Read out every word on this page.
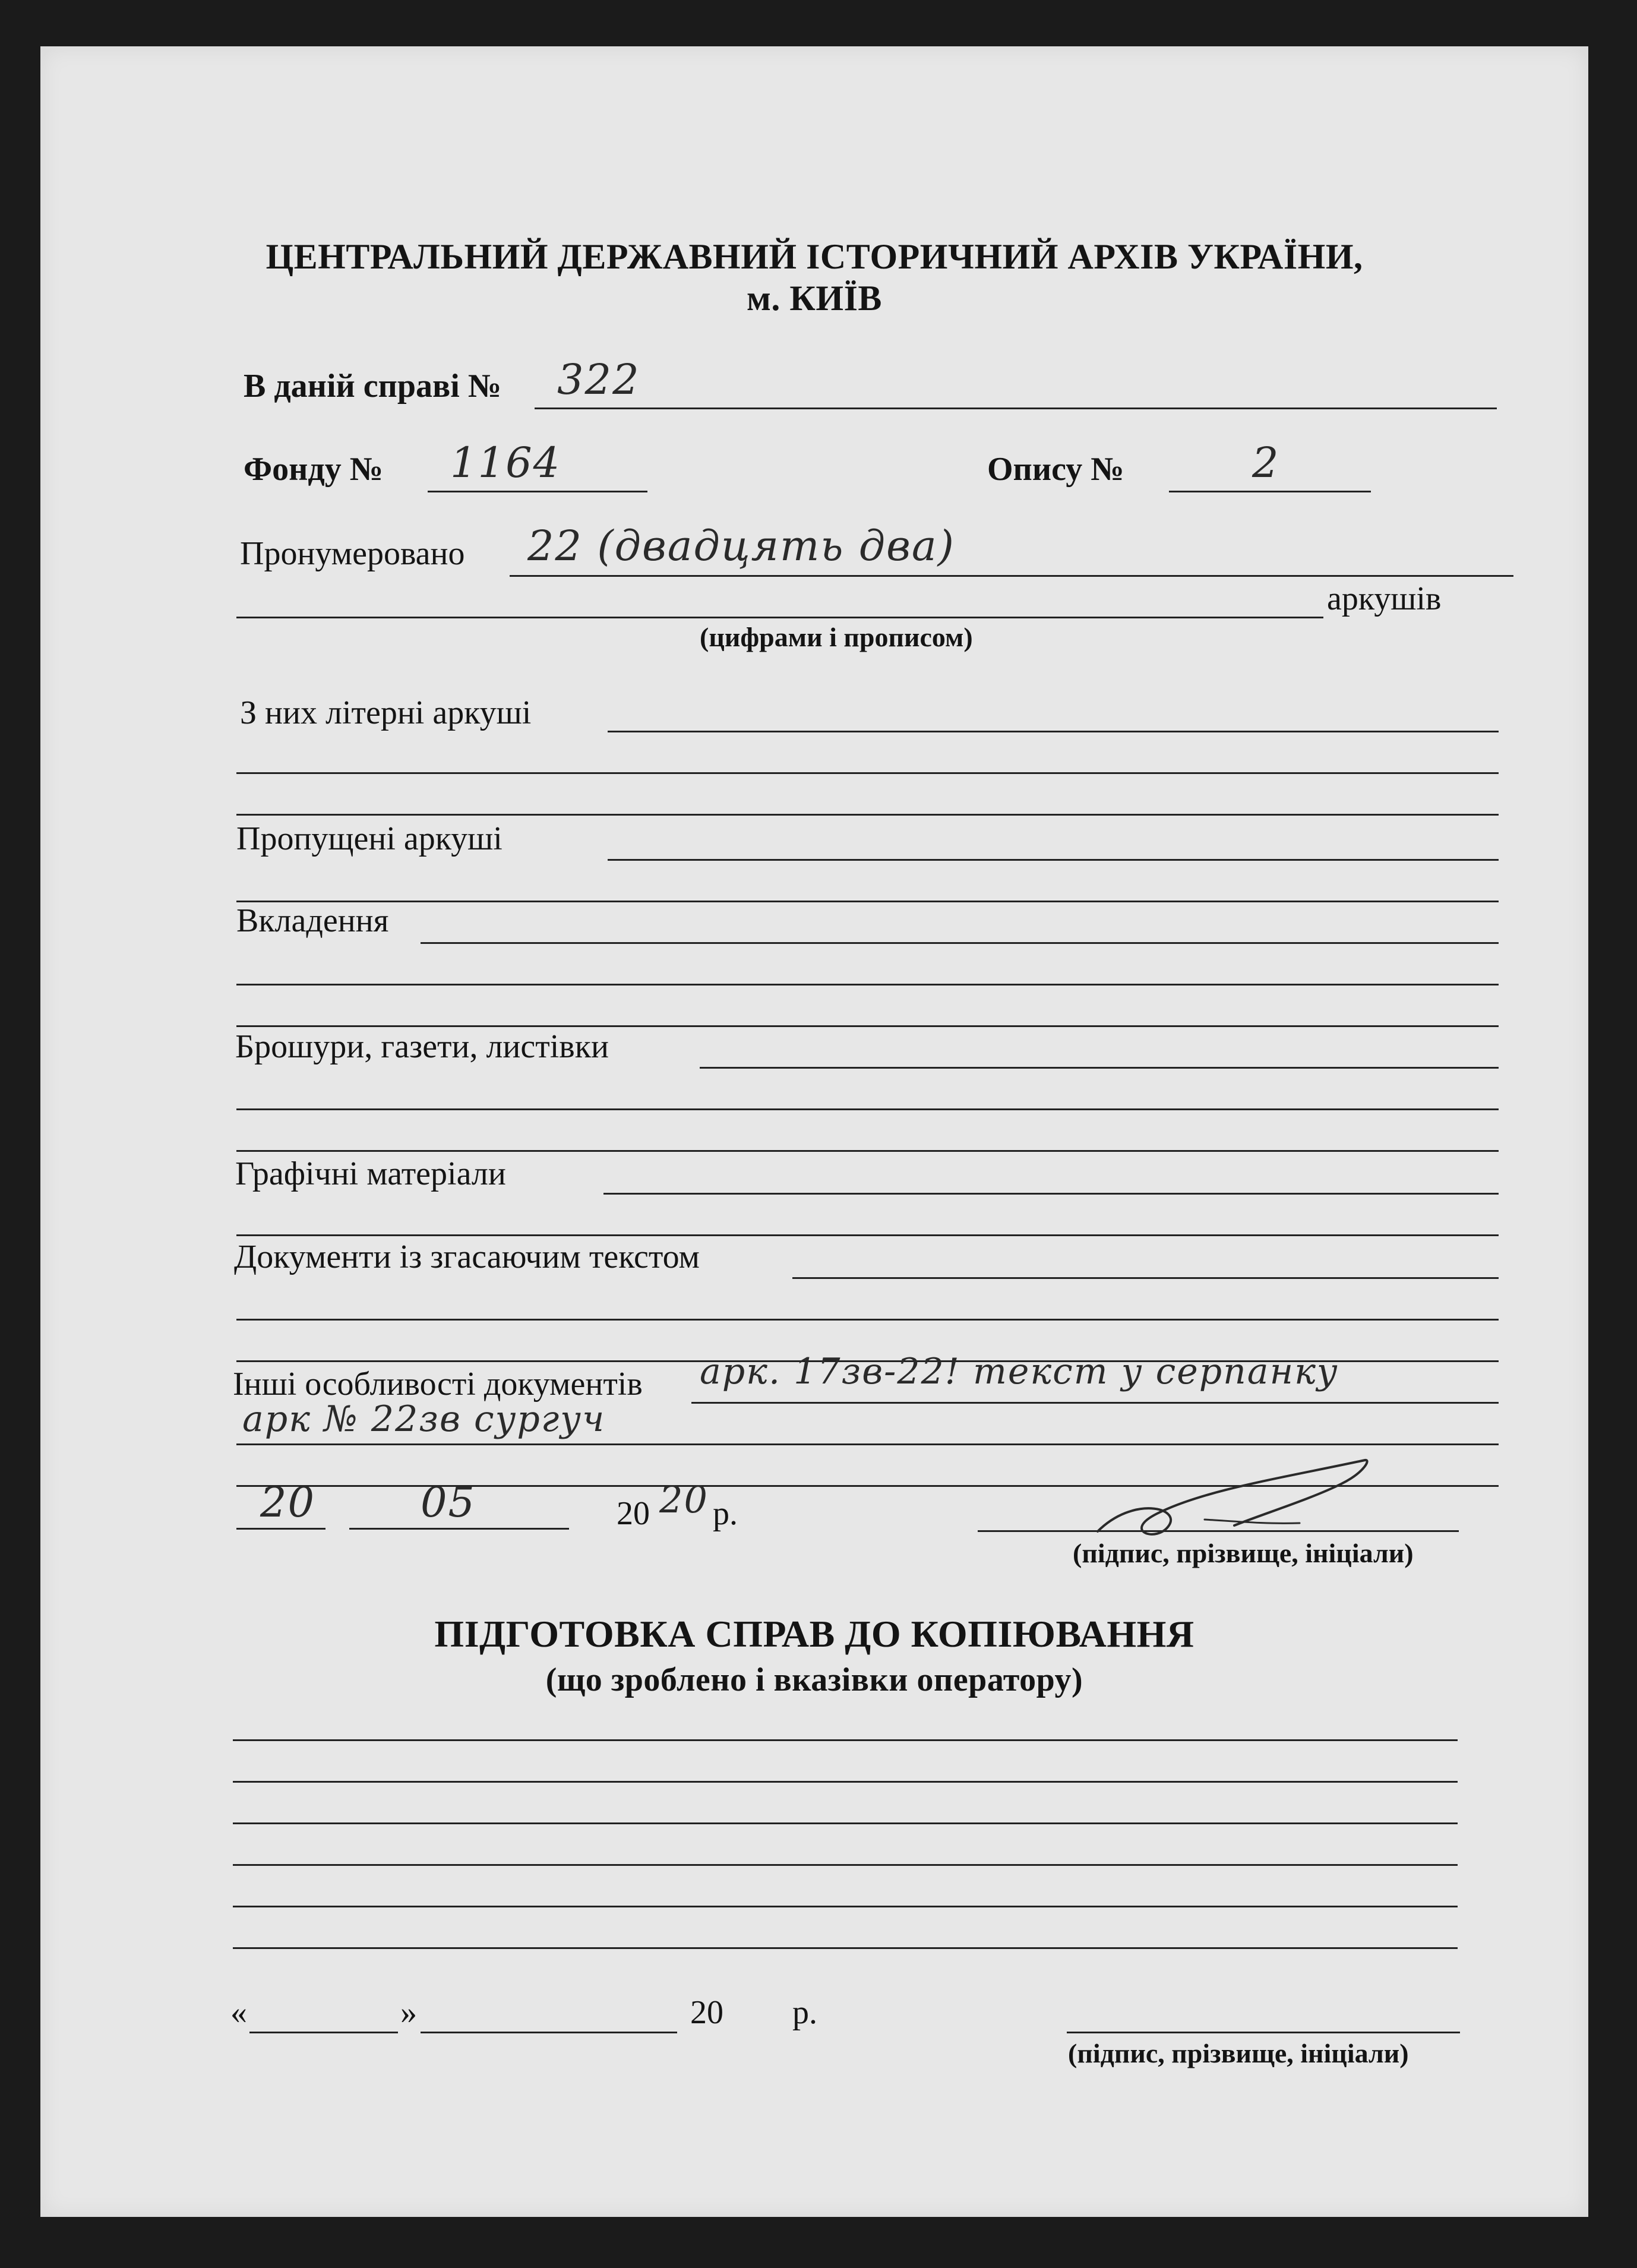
ЦЕНТРАЛЬНИЙ ДЕРЖАВНИЙ ІСТОРИЧНИЙ АРХІВ УКРАЇНИ,
м. КИЇВ
В даній справі № 322
Фонду № 1164	Опису №	2
Пронумеровано 22 (двадцять два)
аркушів
(цифрами і прописом)
З них літерні аркуші
Пропущені аркуші
Вкладення
Брошури, газети, листівки
Графічні матеріали
Документи із згасаючим текстом
Інші особливості документів арк. 17зв-22! текст у серпанку
арк № 22зв сургуч
20	05	20 20 р.
(підпис, прізвище, ініціали)
ПІДГОТОВКА СПРАВ ДО КОПІЮВАННЯ
(що зроблено і вказівки оператору)
«	»	20 р.
(підпис, прізвище, ініціали)
